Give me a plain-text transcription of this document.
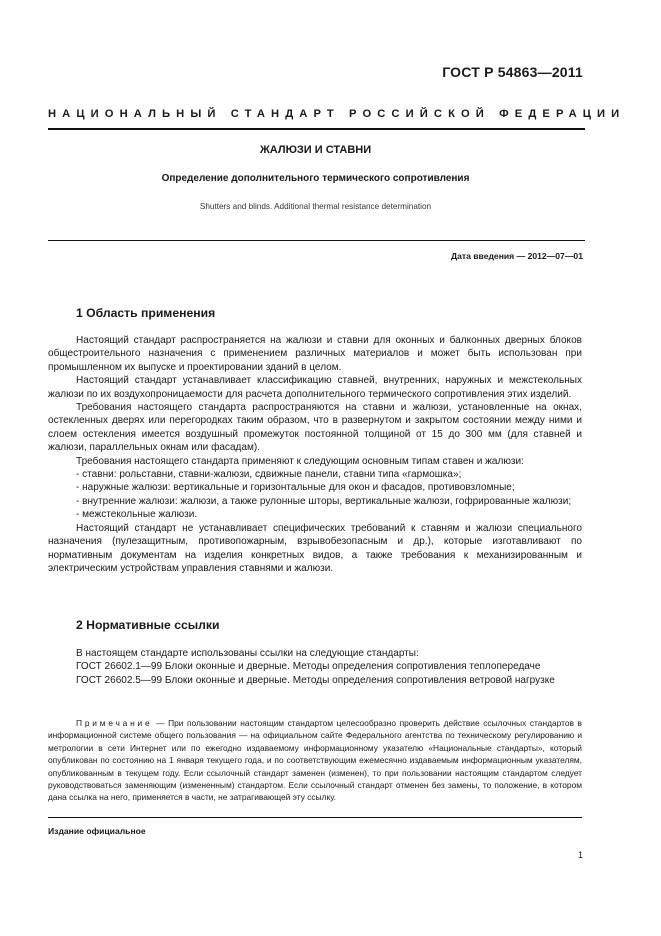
ГОСТ Р 54863—2011
НАЦИОНАЛЬНЫЙ СТАНДАРТ РОССИЙСКОЙ ФЕДЕРАЦИИ
ЖАЛЮЗИ И СТАВНИ
Определение дополнительного термического сопротивления
Shutters and blinds. Additional thermal resistance determination
Дата введения — 2012—07—01
1 Область применения

Настоящий стандарт распространяется на жалюзи и ставни для оконных и балконных дверных блоков общестроительного назначения с применением различных материалов и может быть использован при промышленном их выпуске и проектировании зданий в целом.

Настоящий стандарт устанавливает классификацию ставней, внутренних, наружных и межстекольных жалюзи по их воздухопроницаемости для расчета дополнительного термического сопротивления этих изделий.

Требования настоящего стандарта распространяются на ставни и жалюзи, установленные на окнах, остекленных дверях или перегородках таким образом, что в развернутом и закрытом состоянии между ними и слоем остекления имеется воздушный промежуток постоянной толщиной от 15 до 300 мм (для ставней и жалюзи, параллельных окнам или фасадам).

Требования настоящего стандарта применяют к следующим основным типам ставен и жалюзи:

- ставни: рольставни, ставни-жалюзи, сдвижные панели, ставни типа «гармошка»;

- наружные жалюзи: вертикальные и горизонтальные для окон и фасадов, противовзломные;

- внутренние жалюзи: жалюзи, а также рулонные шторы, вертикальные жалюзи, гофрированные жалюзи;

- межстекольные жалюзи.

Настоящий стандарт не устанавливает специфических требований к ставням и жалюзи специального назначения (пулезащитным, противопожарным, взрывобезопасным и др.), которые изготавливают по нормативным документам на изделия конкретных видов, а также требования к механизированным и электрическим устройствам управления ставнями и жалюзи.

2 Нормативные ссылки

В настоящем стандарте использованы ссылки на следующие стандарты:

ГОСТ 26602.1—99 Блоки оконные и дверные. Методы определения сопротивления теплопередаче

ГОСТ 26602.5—99 Блоки оконные и дверные. Методы определения сопротивления ветровой нагрузке

Примечание — При пользовании настоящим стандартом целесообразно проверить действие ссылочных стандартов в информационной системе общего пользования — на официальном сайте Федерального агентства по техническому регулированию и метрологии в сети Интернет или по ежегодно издаваемому информационному указателю «Национальные стандарты», который опубликован по состоянию на 1 января текущего года, и по соответствующим ежемесячно издаваемым информационным указателям, опубликованным в текущем году. Если ссылочный стандарт заменен (изменен), то при пользовании настоящим стандартом следует руководствоваться заменяющим (измененным) стандартом. Если ссылочный стандарт отменен без замены, то положение, в котором дана ссылка на него, применяется в части, не затрагивающей эту ссылку.

Издание официальное
1
